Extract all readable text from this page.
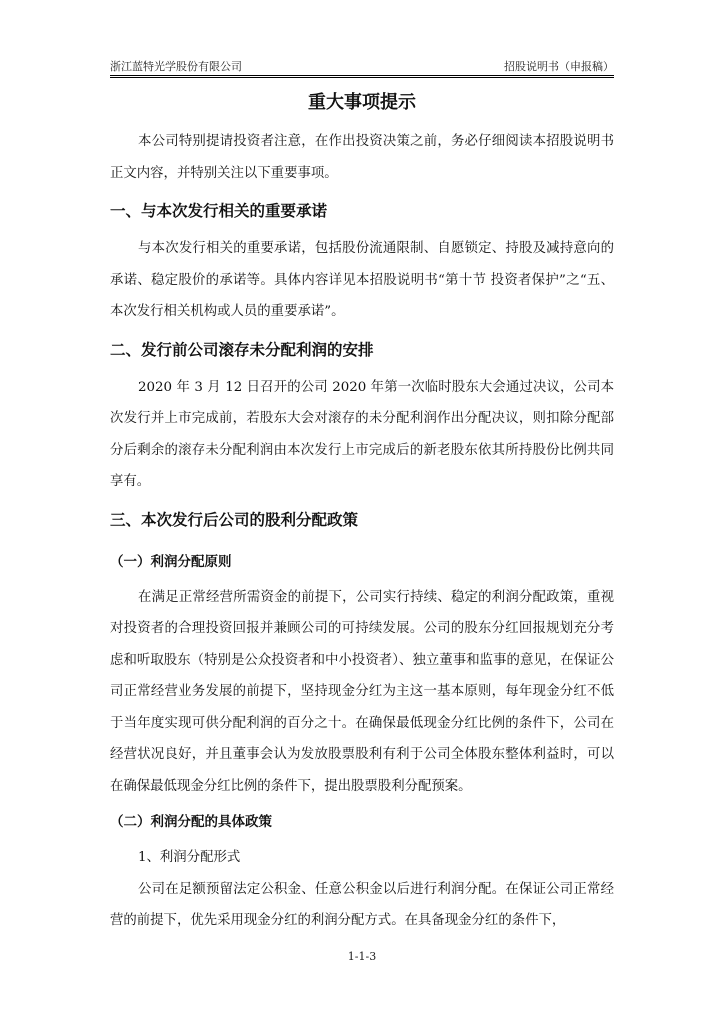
浙江蓝特光学股份有限公司	招股说明书（申报稿）
重大事项提示

本公司特别提请投资者注意，在作出投资决策之前，务必仔细阅读本招股说明书正文内容，并特别关注以下重要事项。

一、与本次发行相关的重要承诺

与本次发行相关的重要承诺，包括股份流通限制、自愿锁定、持股及减持意向的承诺、稳定股价的承诺等。具体内容详见本招股说明书“第十节 投资者保护”之“五、本次发行相关机构或人员的重要承诺”。

二、发行前公司滚存未分配利润的安排

2020 年 3 月 12 日召开的公司 2020 年第一次临时股东大会通过决议，公司本次发行并上市完成前，若股东大会对滚存的未分配利润作出分配决议，则扣除分配部分后剩余的滚存未分配利润由本次发行上市完成后的新老股东依其所持股份比例共同享有。

三、本次发行后公司的股利分配政策
（一）利润分配原则

在满足正常经营所需资金的前提下，公司实行持续、稳定的利润分配政策，重视对投资者的合理投资回报并兼顾公司的可持续发展。公司的股东分红回报规划充分考虑和听取股东（特别是公众投资者和中小投资者）、独立董事和监事的意见，在保证公司正常经营业务发展的前提下，坚持现金分红为主这一基本原则，每年现金分红不低于当年度实现可供分配利润的百分之十。在确保最低现金分红比例的条件下，公司在经营状况良好，并且董事会认为发放股票股利有利于公司全体股东整体利益时，可以在确保最低现金分红比例的条件下，提出股票股利分配预案。

（二）利润分配的具体政策

1、利润分配形式

公司在足额预留法定公积金、任意公积金以后进行利润分配。在保证公司正常经营的前提下，优先采用现金分红的利润分配方式。在具备现金分红的条件下，

1-1-3
